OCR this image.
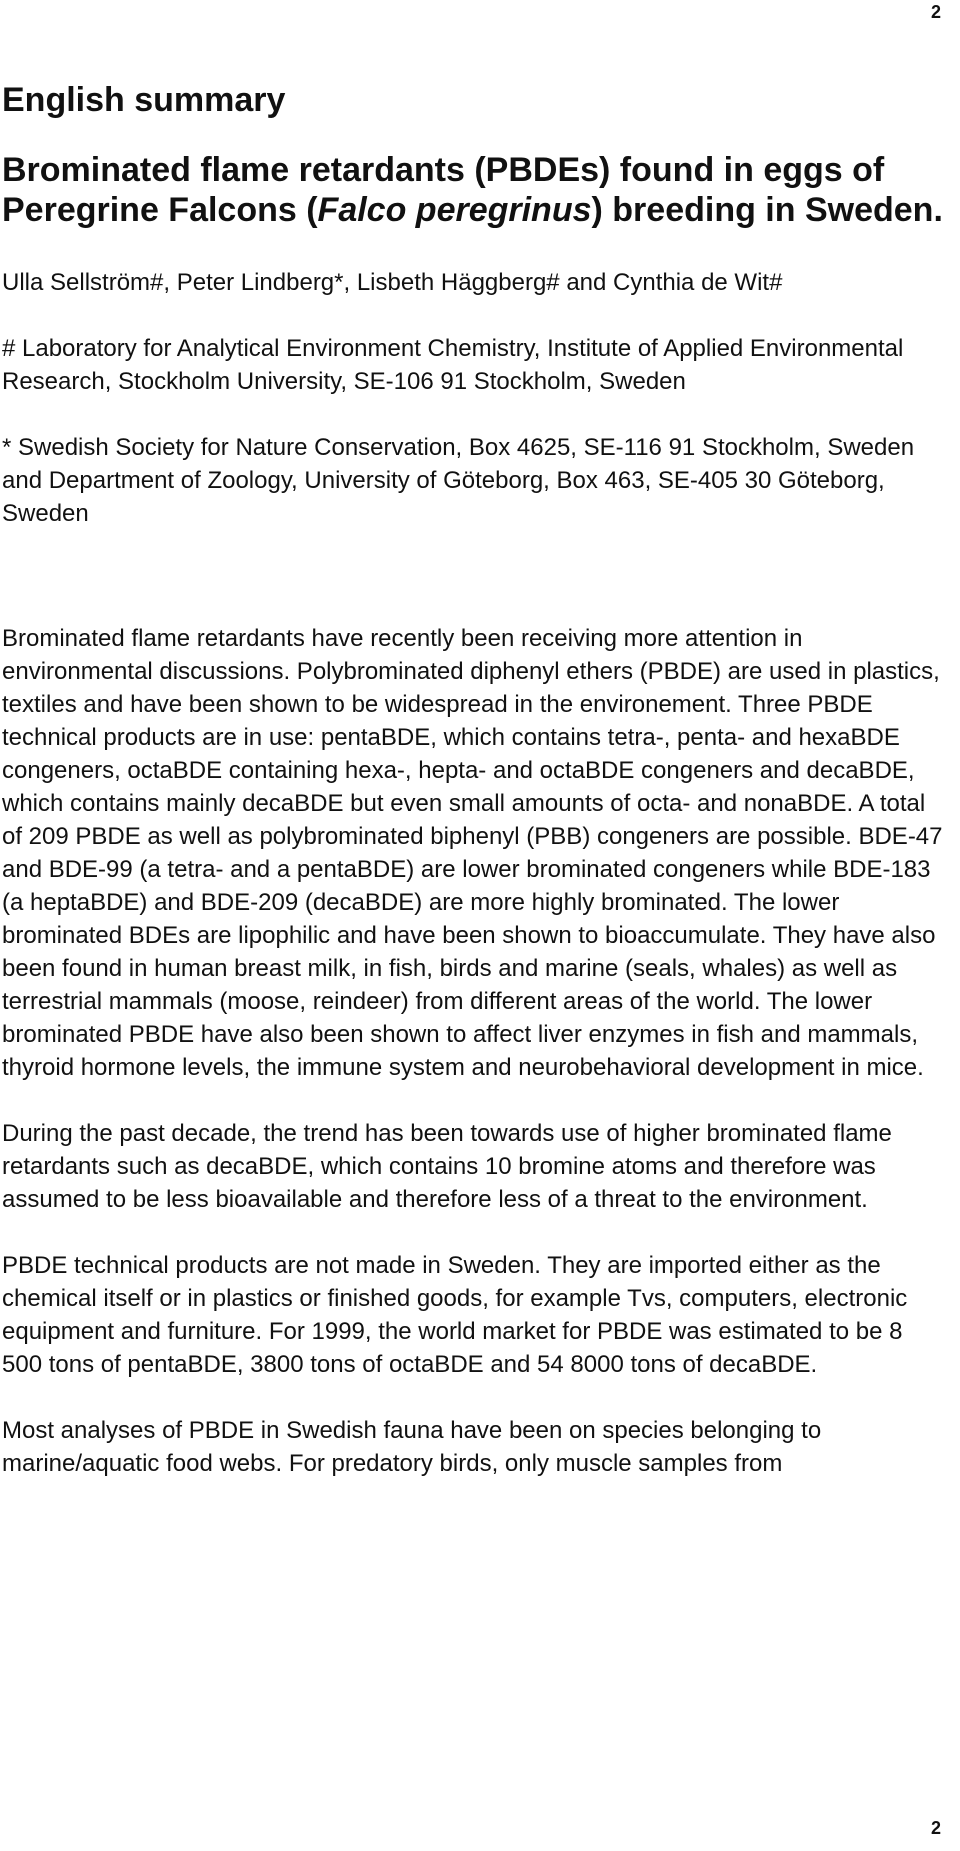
2
English summary
Brominated flame retardants (PBDEs) found in eggs of Peregrine Falcons (Falco peregrinus) breeding in Sweden.

Ulla Sellström#, Peter Lindberg*, Lisbeth Häggberg# and Cynthia de Wit#

# Laboratory for Analytical Environment Chemistry, Institute of Applied Environmental Research, Stockholm University, SE-106 91 Stockholm, Sweden

* Swedish Society for Nature Conservation, Box 4625, SE-116 91 Stockholm, Sweden and Department of Zoology, University of Göteborg, Box 463, SE-405 30 Göteborg, Sweden

Brominated flame retardants have recently been receiving more attention in environmental discussions. Polybrominated diphenyl ethers (PBDE) are used in plastics, textiles and have been shown to be widespread in the environement. Three PBDE technical products are in use: pentaBDE, which contains tetra-, penta- and hexaBDE congeners, octaBDE containing hexa-, hepta- and octaBDE congeners and decaBDE, which contains mainly decaBDE but even small amounts of octa- and nonaBDE. A total of 209 PBDE as well as polybrominated biphenyl (PBB) congeners are possible. BDE-47 and BDE-99 (a tetra- and a pentaBDE) are lower brominated congeners while BDE-183 (a heptaBDE) and BDE-209 (decaBDE) are more highly brominated. The lower brominated BDEs are lipophilic and have been shown to bioaccumulate. They have also been found in human breast milk, in fish, birds and marine (seals, whales) as well as terrestrial mammals (moose, reindeer) from different areas of the world. The lower brominated PBDE have also been shown to affect liver enzymes in fish and mammals, thyroid hormone levels, the immune system and neurobehavioral development in mice.

During the past decade, the trend has been towards use of higher brominated flame retardants such as decaBDE, which contains 10 bromine atoms and therefore was assumed to be less bioavailable and therefore less of a threat to the environment.

PBDE technical products are not made in Sweden. They are imported either as the chemical itself or in plastics or finished goods, for example Tvs, computers, electronic equipment and furniture. For 1999, the world market for PBDE was estimated to be 8 500 tons of pentaBDE, 3800 tons of octaBDE and 54 8000 tons of decaBDE.

Most analyses of PBDE in Swedish fauna have been on species belonging to marine/aquatic food webs. For predatory birds, only muscle samples from

2
